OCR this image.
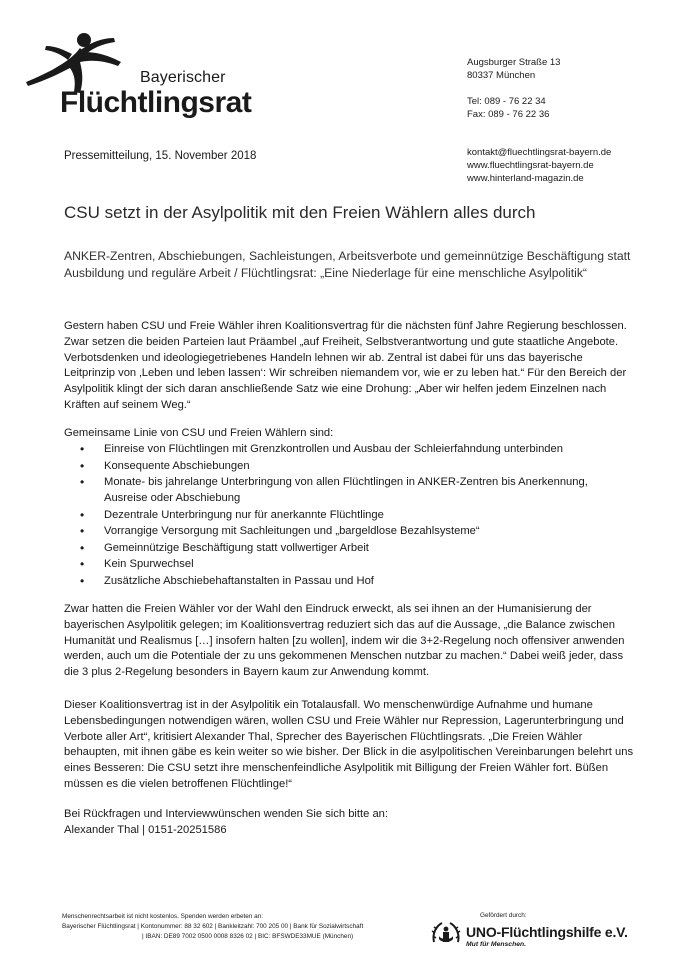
Bayerischer
Flüchtlingsrat
Augsburger Straße 13
80337 München
Tel: 089 - 76 22 34
Fax: 089 - 76 22 36
kontakt@fluechtlingsrat-bayern.de
www.fluechtlingsrat-bayern.de
www.hinterland-magazin.de
Pressemitteilung, 15. November 2018
CSU setzt in der Asylpolitik mit den Freien Wählern alles durch
ANKER-Zentren, Abschiebungen, Sachleistungen, Arbeitsverbote und gemeinnützige Beschäftigung statt Ausbildung und reguläre Arbeit / Flüchtlingsrat: „Eine Niederlage für eine menschliche Asylpolitik“
Gestern haben CSU und Freie Wähler ihren Koalitionsvertrag für die nächsten fünf Jahre Regierung beschlossen. Zwar setzen die beiden Parteien laut Präambel „auf Freiheit, Selbstverantwortung und gute staatliche Angebote. Verbotsdenken und ideologiegetriebenes Handeln lehnen wir ab. Zentral ist dabei für uns das bayerische Leitprinzip von ‚Leben und leben lassen‘: Wir schreiben niemandem vor, wie er zu leben hat.“ Für den Bereich der Asylpolitik klingt der sich daran anschließende Satz wie eine Drohung: „Aber wir helfen jedem Einzelnen nach Kräften auf seinem Weg.“
Gemeinsame Linie von CSU und Freien Wählern sind:
• Einreise von Flüchtlingen mit Grenzkontrollen und Ausbau der Schleierfahndung unterbinden
• Konsequente Abschiebungen
• Monate- bis jahrelange Unterbringung von allen Flüchtlingen in ANKER-Zentren bis Anerkennung, Ausreise oder Abschiebung
• Dezentrale Unterbringung nur für anerkannte Flüchtlinge
• Vorrangige Versorgung mit Sachleitungen und „bargeldlose Bezahlsysteme“
• Gemeinnützige Beschäftigung statt vollwertiger Arbeit
• Kein Spurwechsel
• Zusätzliche Abschiebehaftanstalten in Passau und Hof
Zwar hatten die Freien Wähler vor der Wahl den Eindruck erweckt, als sei ihnen an der Humanisierung der bayerischen Asylpolitik gelegen; im Koalitionsvertrag reduziert sich das auf die Aussage, „die Balance zwischen Humanität und Realismus […] insofern halten [zu wollen], indem wir die 3+2-Regelung noch offensiver anwenden werden, auch um die Potentiale der zu uns gekommenen Menschen nutzbar zu machen.“ Dabei weiß jeder, dass die 3 plus 2-Regelung besonders in Bayern kaum zur Anwendung kommt.
Dieser Koalitionsvertrag ist in der Asylpolitik ein Totalausfall. Wo menschenwürdige Aufnahme und humane Lebensbedingungen notwendigen wären, wollen CSU und Freie Wähler nur Repression, Lagerunterbringung und Verbote aller Art“, kritisiert Alexander Thal, Sprecher des Bayerischen Flüchtlingsrats. „Die Freien Wähler behaupten, mit ihnen gäbe es kein weiter so wie bisher. Der Blick in die asylpolitischen Vereinbarungen belehrt uns eines Besseren: Die CSU setzt ihre menschenfeindliche Asylpolitik mit Billigung der Freien Wähler fort. Büßen müssen es die vielen betroffenen Flüchtlinge!“
Bei Rückfragen und Interviewwünschen wenden Sie sich bitte an:
Alexander Thal | 0151-20251586
Menschenrechtsarbeit ist nicht kostenlos. Spenden werden erbeten an:
Bayerischer Flüchtlingsrat | Kontonummer: 88 32 602 | Bankleitzahl: 700 205 00 | Bank für Sozialwirtschaft
| IBAN: DE89 7002 0500 0008 8326 02 | BIC: BFSWDE33MUE (München)
Gefördert durch:
UNO-Flüchtlingshilfe e.V.
Mut für Menschen.
